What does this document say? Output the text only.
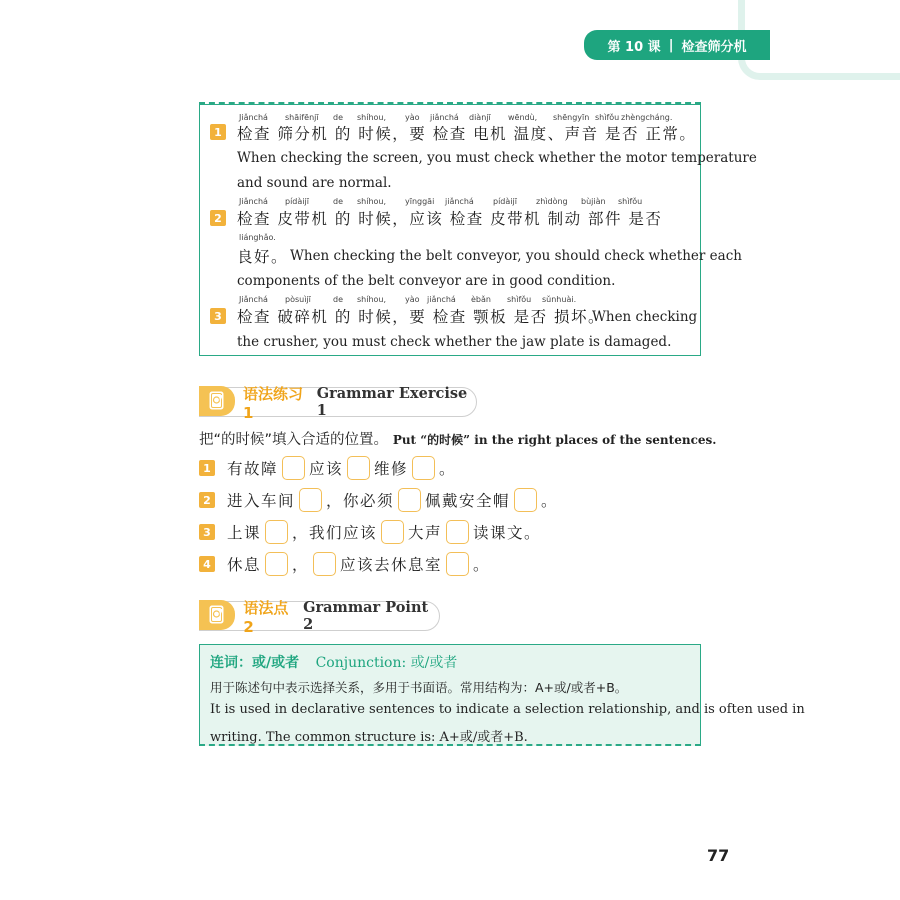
第 10 课 | 检查筛分机
Jiǎnchá shāifēnjī de shíhou, yào jiǎnchá diànjī wēndù, shēngyīn shìfǒu zhèngcháng.
1 检查 筛分机 的 时候，要 检查 电机 温度、声音 是否 正常。
When checking the screen, you must check whether the motor temperature
and sound are normal.
Jiǎnchá pídàijī	de shíhou, yīnggāi jiǎnchá pídàijī zhìdòng bùjiàn shìfǒu
2 检查 皮带机 的 时候，应该 检查 皮带机 制动 部件 是否
liánghǎo.
良好。 When checking the belt conveyor, you should check whether each
components of the belt conveyor are in good condition.
Jiǎnchá pòsuìjī	de shíhou, yào jiǎnchá èbǎn shìfǒu sǔnhuài.
3 检查 破碎机 的 时候，要 检查 颚板 是否 损坏。
When checking
the crusher, you must check whether the jaw plate is damaged.
语法练习1
Grammar Exercise 1
把“的时候”填入合适的位置。 Put “的时候” in the right places of the sentences.
1 有故障 应该 维修 。
2 进入车间 ，你必须 佩戴安全帽 。
3 上课 ，我们应该 大声 读课文。
4 休息 ， 应该去休息室 。
语法点2
Grammar Point 2
连词：或/或者 Conjunction: 或/或者
用于陈述句中表示选择关系，多用于书面语。常用结构为：A+或/或者+B。
It is used in declarative sentences to indicate a selection relationship, and is often used in
writing. The common structure is: A+或/或者+B.
77
